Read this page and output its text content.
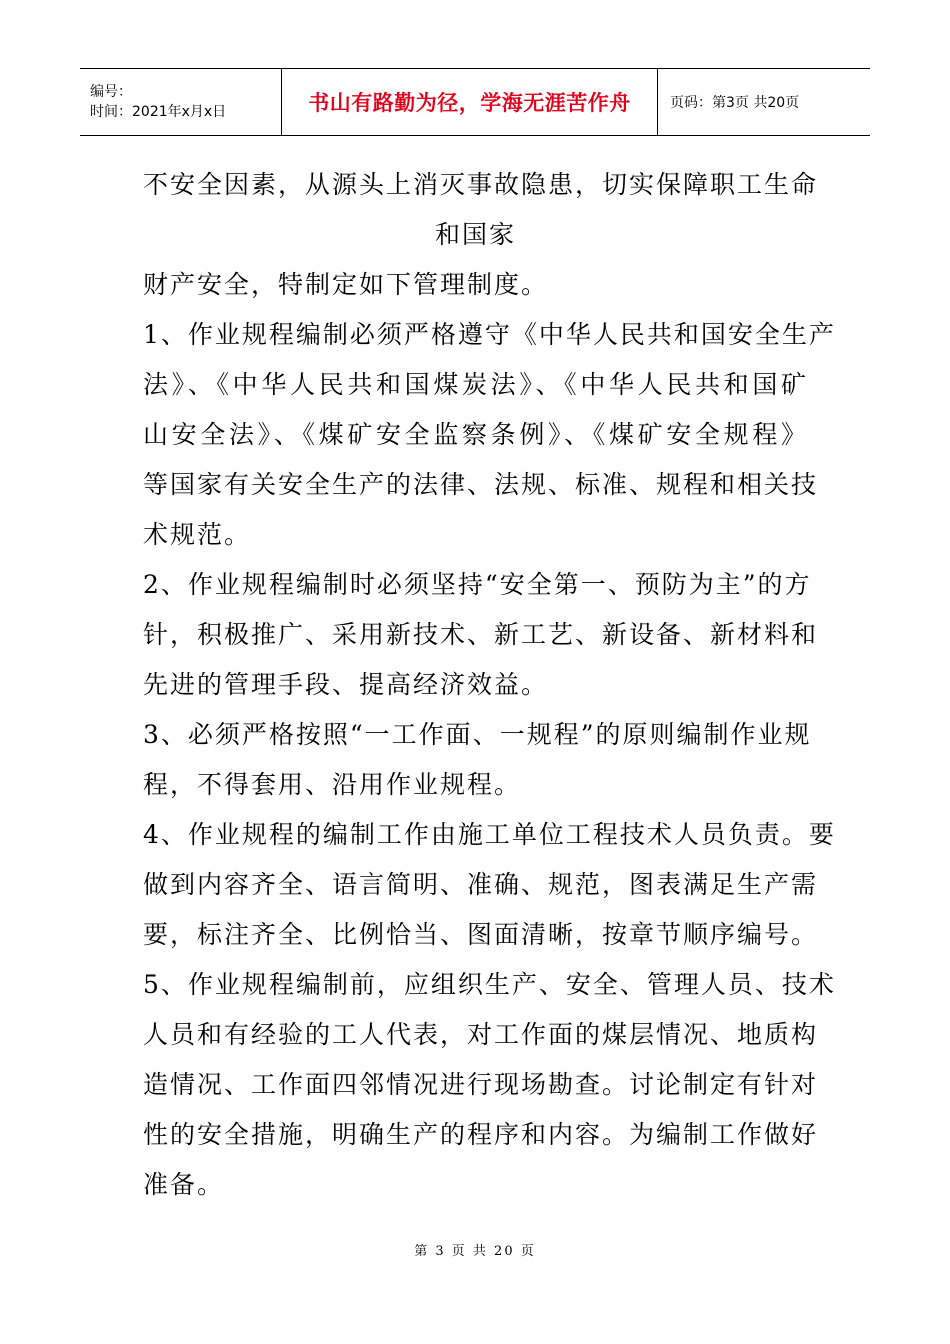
编号：
时间：2021年x月x日	书山有路勤为径，学海无涯苦作舟	页码：第3页 共20页
不安全因素，从源头上消灭事故隐患，切实保障职工生命
和国家
财产安全，特制定如下管理制度。
1、作业规程编制必须严格遵守《中华人民共和国安全生产
法》、《中华人民共和国煤炭法》、《中华人民共和国矿
山安全法》、《煤矿安全监察条例》、《煤矿安全规程》
等国家有关安全生产的法律、法规、标准、规程和相关技
术规范。
2、作业规程编制时必须坚持“安全第一、预防为主”的方
针，积极推广、采用新技术、新工艺、新设备、新材料和
先进的管理手段、提高经济效益。
3、必须严格按照“一工作面、一规程”的原则编制作业规
程，不得套用、沿用作业规程。
4、作业规程的编制工作由施工单位工程技术人员负责。要
做到内容齐全、语言简明、准确、规范，图表满足生产需
要，标注齐全、比例恰当、图面清晰，按章节顺序编号。
5、作业规程编制前，应组织生产、安全、管理人员、技术
人员和有经验的工人代表，对工作面的煤层情况、地质构
造情况、工作面四邻情况进行现场勘查。讨论制定有针对
性的安全措施，明确生产的程序和内容。为编制工作做好
准备。
第 3 页 共 20 页
